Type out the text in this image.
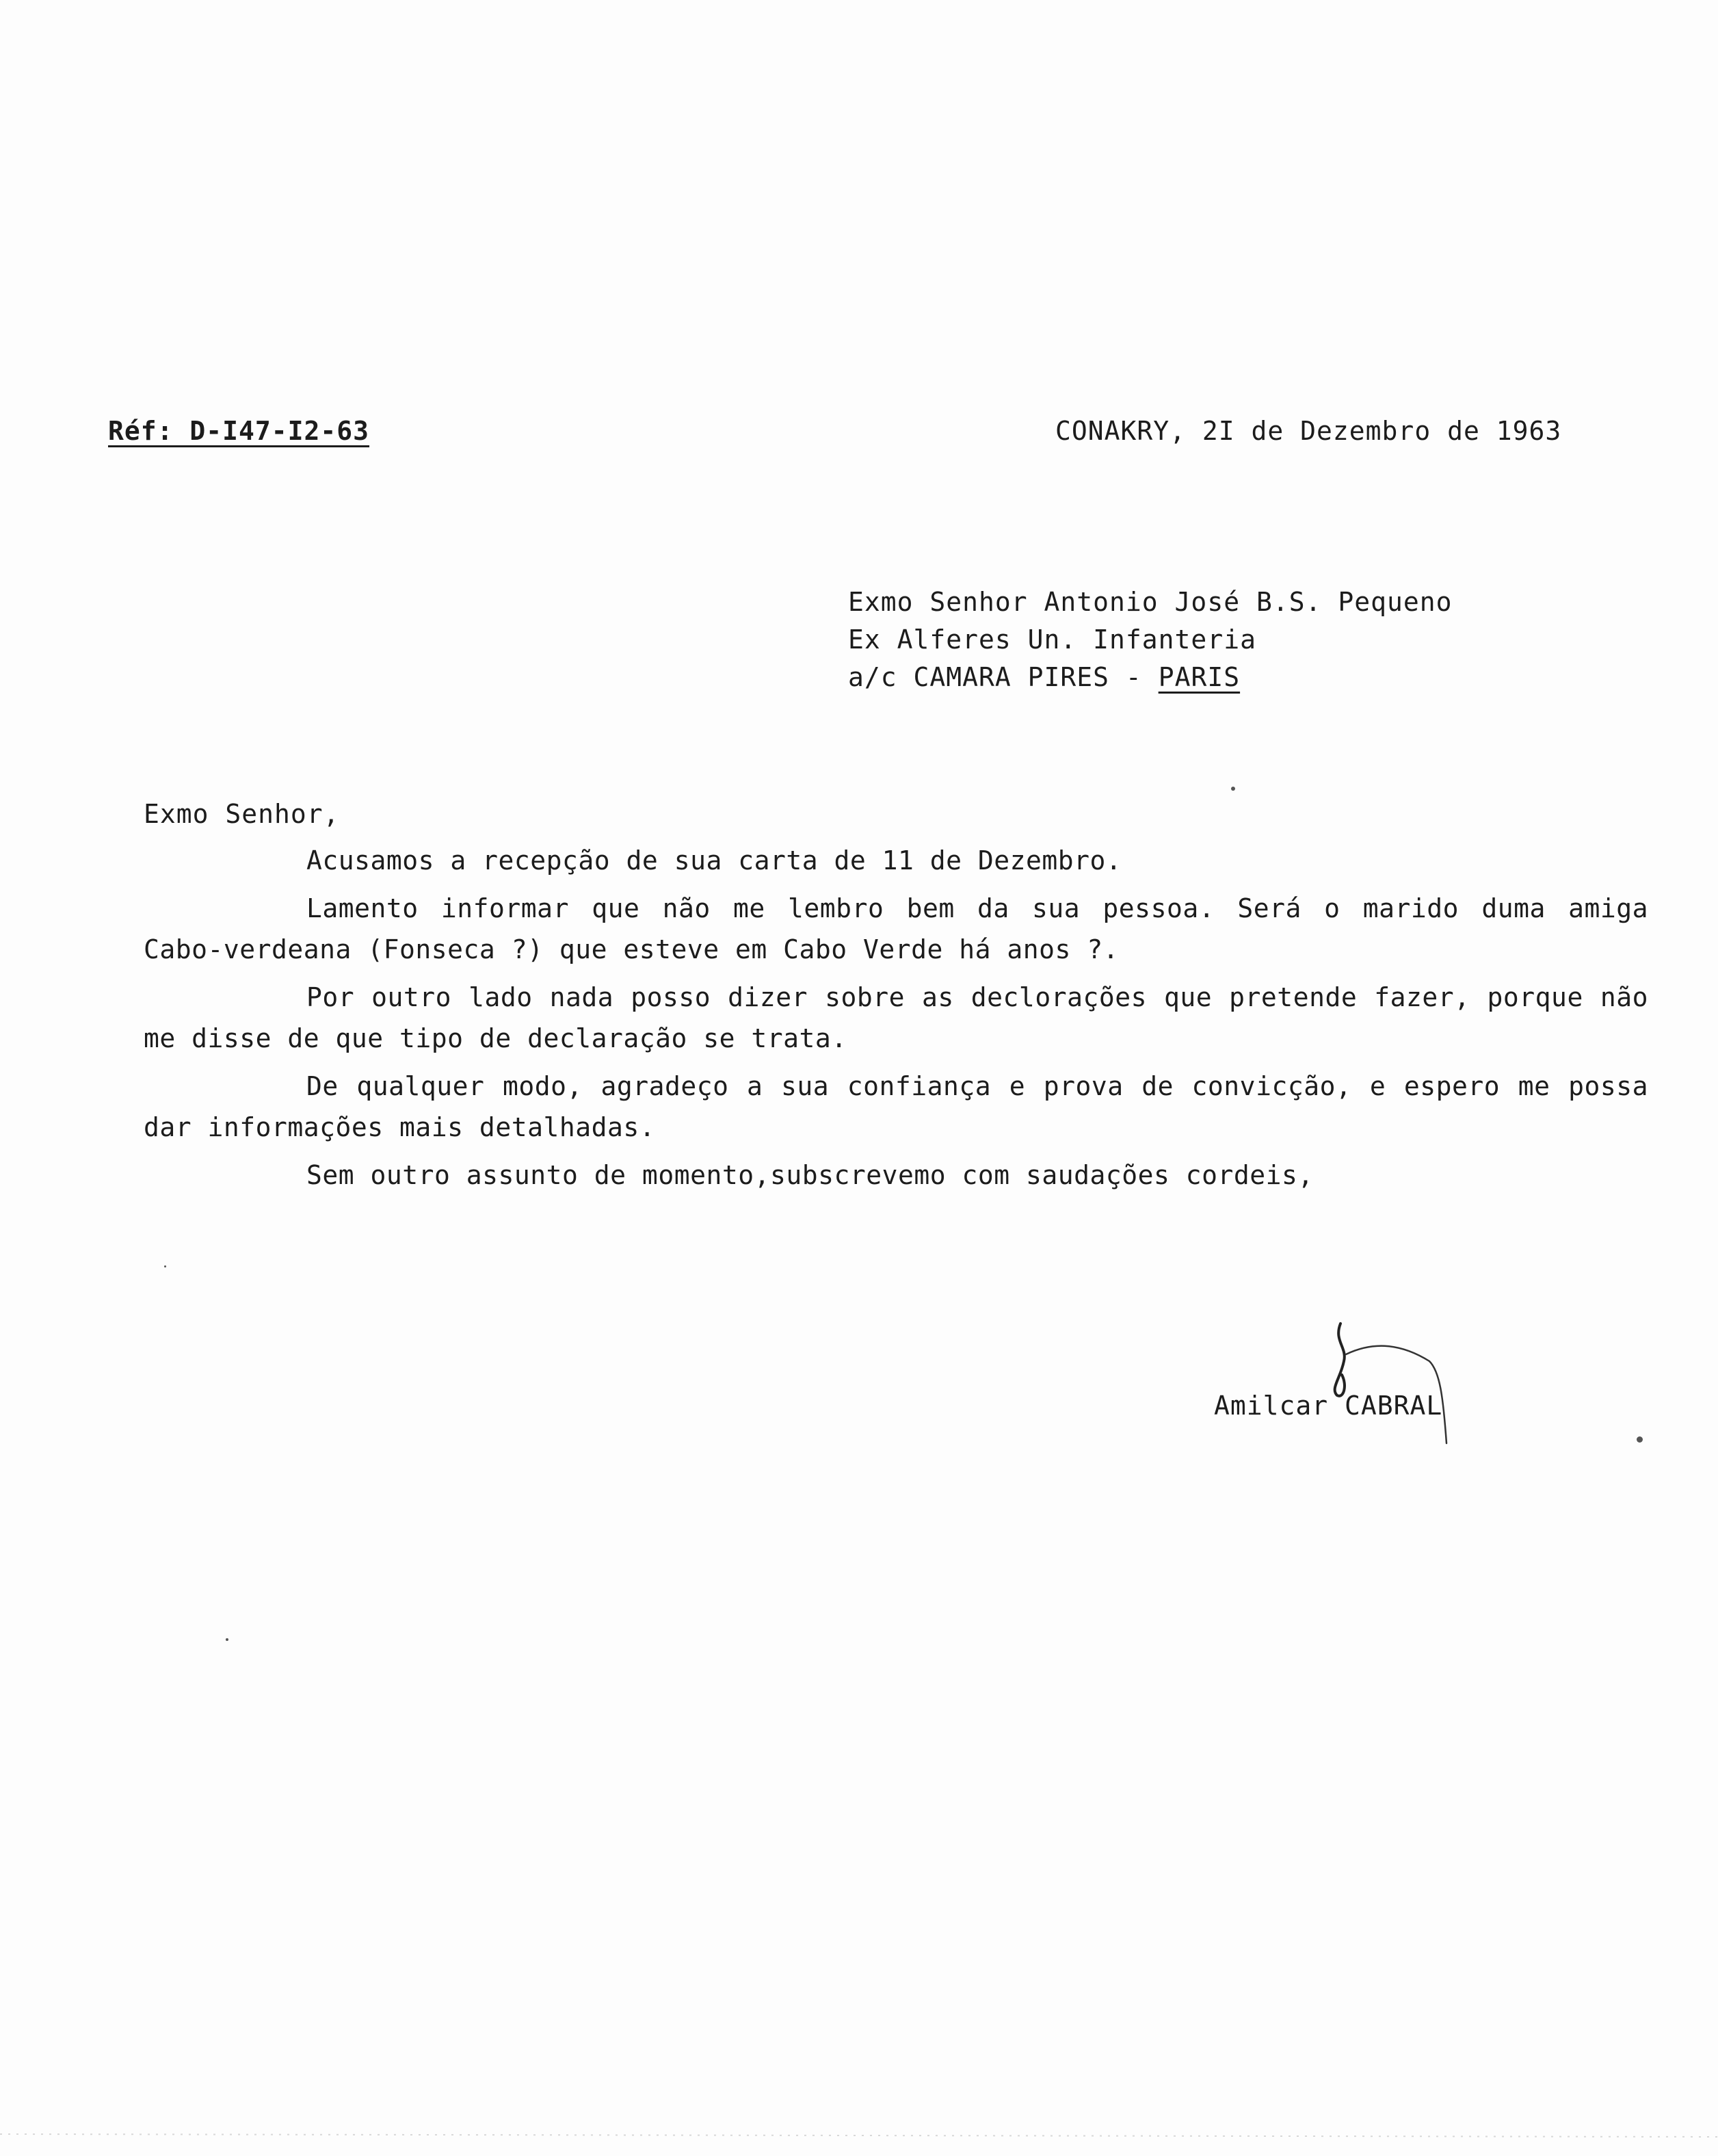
Réf: D-I47-I2-63	CONAKRY, 2I de Dezembro de 1963
Exmo Senhor Antonio José B.S. Pequeno
Ex Alferes Un. Infanteria
a/c CAMARA PIRES - PARIS
Exmo Senhor,

Acusamos a recepção de sua carta de 11 de Dezembro.

Lamento informar que não me lembro bem da sua pessoa. Será o marido duma amiga Cabo-verdeana (Fonseca ?) que esteve em Cabo Verde há anos ?.

Por outro lado nada posso dizer sobre as declorações que pretende fazer, porque não me disse de que tipo de declaração se trata.

De qualquer modo, agradeço a sua confiança e prova de convicção, e espero me possa dar informações mais detalhadas.

Sem outro assunto de momento,subscrevemo com saudações cordeis,

Amilcar CABRAL
